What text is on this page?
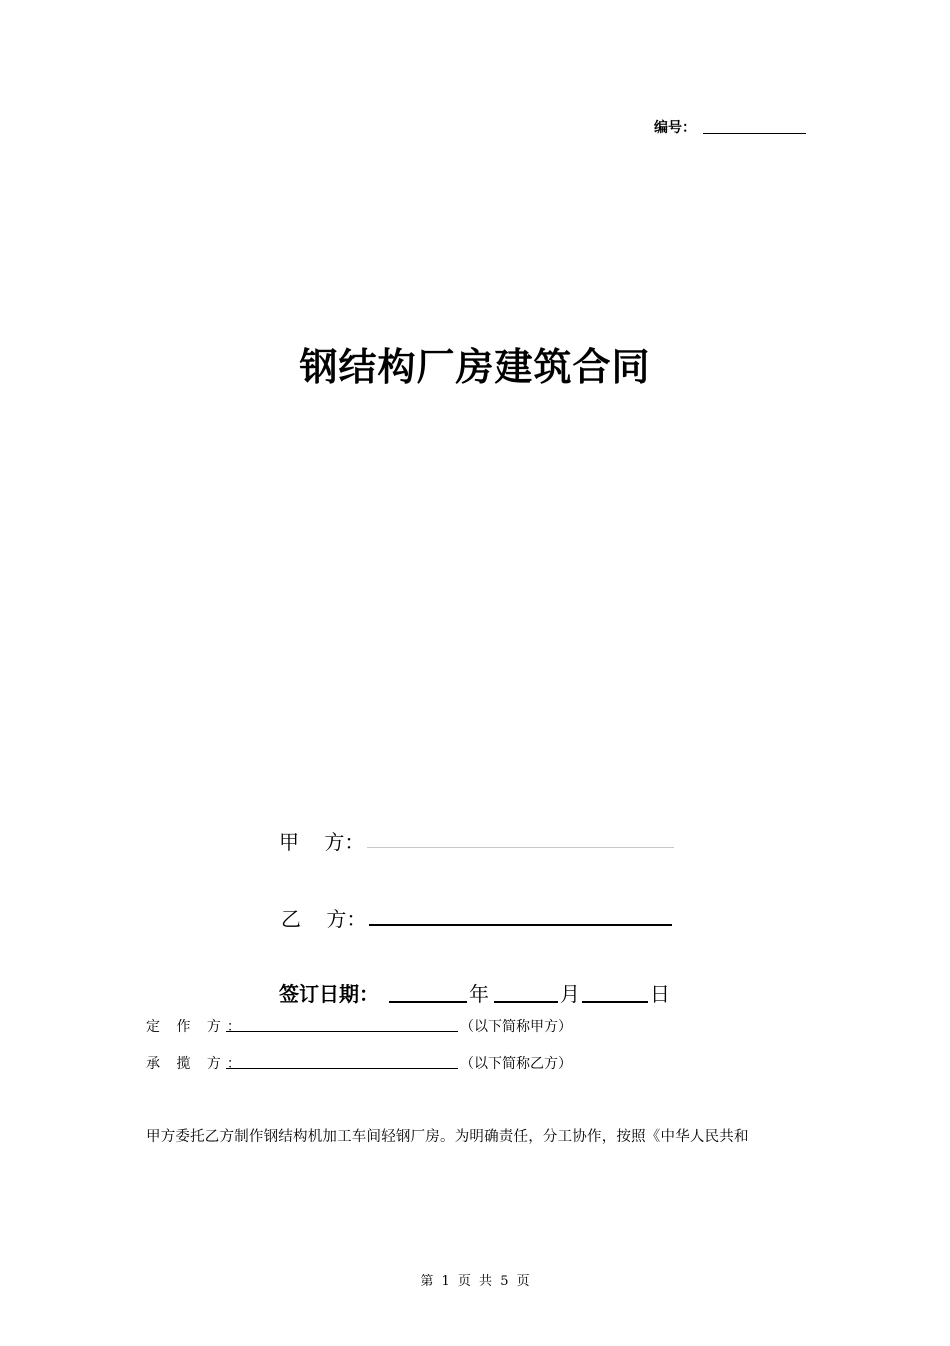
编号：
钢结构厂房建筑合同
甲    方：
乙    方：
签订日期：	年	月	日
定 作 方：	（以下简称甲方）
承 揽 方：	（以下简称乙方）
甲方委托乙方制作钢结构机加工车间轻钢厂房。为明确责任，分工协作，按照《中华人民共和
第 1 页 共 5 页
